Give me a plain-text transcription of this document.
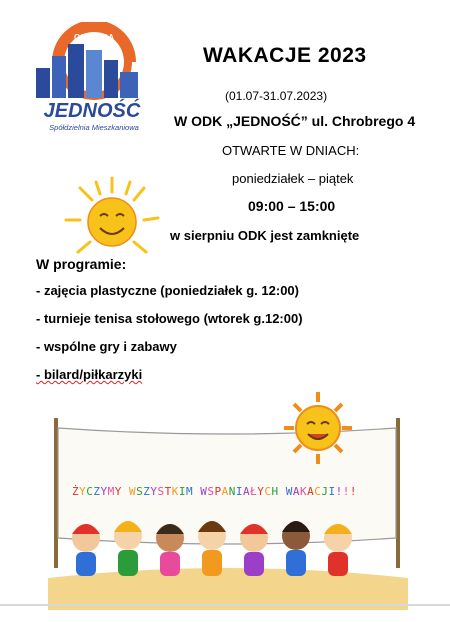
OSTRÓDA
JEDNOŚĆ
Spółdzielnia Mieszkaniowa
WAKACJE 2023
(01.07-31.07.2023)
W ODK „JEDNOŚĆ” ul. Chrobrego 4
OTWARTE W DNIACH:
poniedziałek – piątek
09:00 – 15:00
w sierpniu ODK jest zamknięte
W programie:
- zajęcia plastyczne (poniedziałek g. 12:00)
- turnieje tenisa stołowego (wtorek g.12:00)
- wspólne gry i zabawy
- bilard/piłkarzyki
ŻYCZYMY WSZYSTKIM WSPANIAŁYCH WAKACJI!!!
